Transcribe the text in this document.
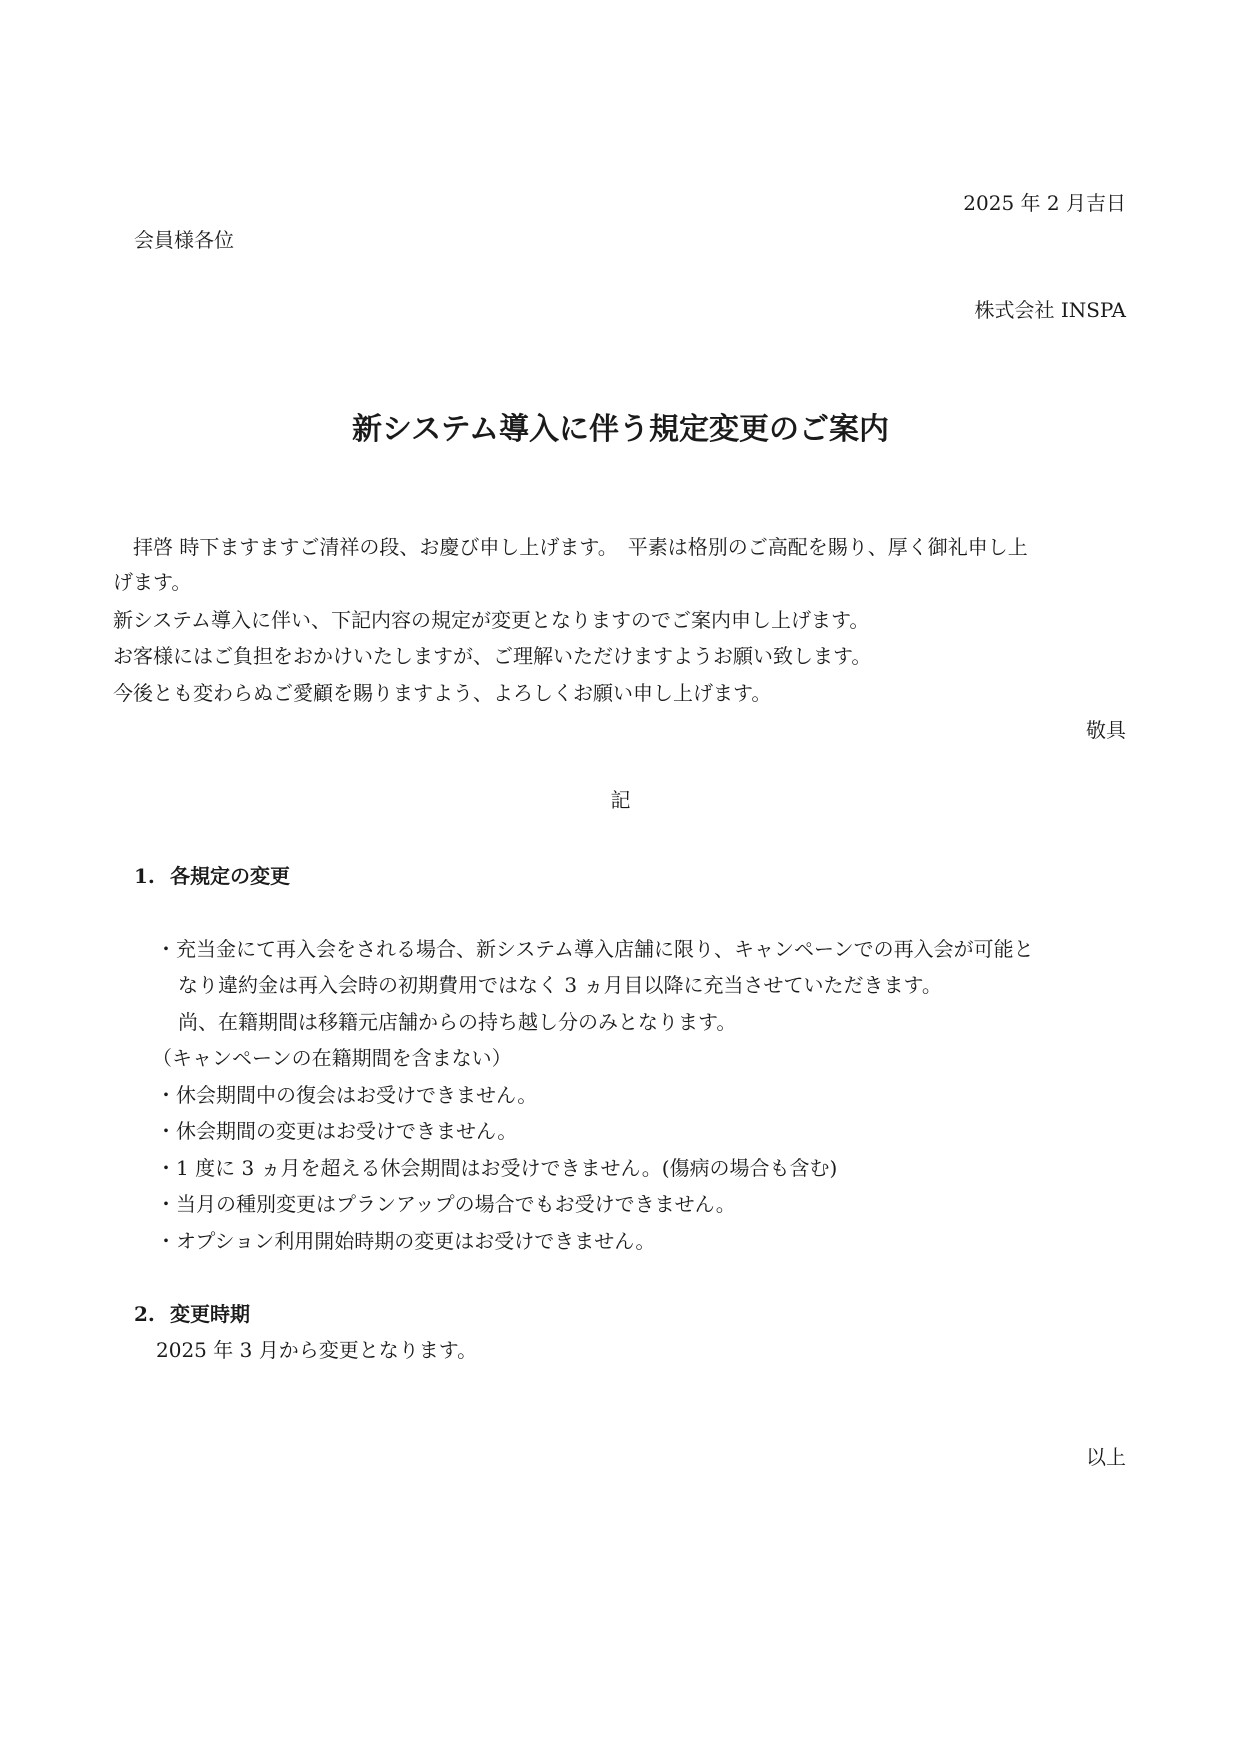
2025 年 2 月吉日
会員様各位
株式会社 INSPA
新システム導入に伴う規定変更のご案内
　拝啓 時下ますますご清祥の段、お慶び申し上げます。　平素は格別のご高配を賜り、厚く御礼申し上
げます。
新システム導入に伴い、下記内容の規定が変更となりますのでご案内申し上げます。
お客様にはご負担をおかけいたしますが、ご理解いただけますようお願い致します。
今後とも変わらぬご愛顧を賜りますよう、よろしくお願い申し上げます。
敬具
記
1. 各規定の変更
・充当金にて再入会をされる場合、新システム導入店舗に限り、キャンペーンでの再入会が可能と
なり違約金は再入会時の初期費用ではなく 3 ヵ月目以降に充当させていただきます。
尚、在籍期間は移籍元店舗からの持ち越し分のみとなります。
（キャンペーンの在籍期間を含まない）
・休会期間中の復会はお受けできません。
・休会期間の変更はお受けできません。
・1 度に 3 ヵ月を超える休会期間はお受けできません。(傷病の場合も含む)
・当月の種別変更はプランアップの場合でもお受けできません。
・オプション利用開始時期の変更はお受けできません。
2. 変更時期
2025 年 3 月から変更となります。
以上
